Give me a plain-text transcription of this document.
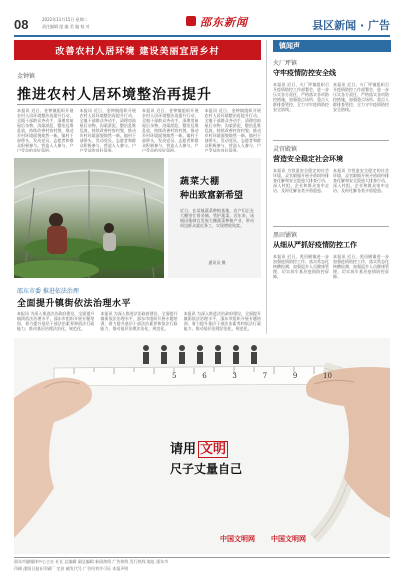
08	2022年11月15日 星期二
责任编辑 组 编 美 编 校 对	邵东新闻	县区新闻 · 广告
改善农村人居环境 建设美丽宜居乡村
金钟镇
推进农村人居环境整治再提升
本报讯 近日，金钟镇组织开展农村人居环境整治再提升行动，全镇干部群众齐动手，清理房前屋后杂物、沟渠淤泥，整治乱堆乱放，持续改善村容村貌，推动乡村环境面貌焕然一新。镇村干部带头，发动党员、志愿者和群众积极参与，营造人人参与、户户受益的良好氛围。
本报讯 近日，金钟镇组织开展农村人居环境整治再提升行动，全镇干部群众齐动手，清理房前屋后杂物、沟渠淤泥，整治乱堆乱放，持续改善村容村貌，推动乡村环境面貌焕然一新。镇村干部带头，发动党员、志愿者和群众积极参与，营造人人参与、户户受益的良好氛围。
本报讯 近日，金钟镇组织开展农村人居环境整治再提升行动，全镇干部群众齐动手，清理房前屋后杂物、沟渠淤泥，整治乱堆乱放，持续改善村容村貌，推动乡村环境面貌焕然一新。镇村干部带头，发动党员、志愿者和群众积极参与，营造人人参与、户户受益的良好氛围。
本报讯 近日，金钟镇组织开展农村人居环境整治再提升行动，全镇干部群众齐动手，清理房前屋后杂物、沟渠淤泥，整治乱堆乱放，持续改善村容村貌，推动乡村环境面貌焕然一新。镇村干部带头，发动党员、志愿者和群众积极参与，营造人人参与、户户受益的良好氛围。
蔬菜大棚
种出致富新希望
近日，在某镇蔬菜种植基地，农户们正在大棚里忙着采摘、管护蔬菜。近年来，该镇因地制宜发展大棚蔬菜种植产业，带动周边群众就近务工，实现增收致富。
通讯员 摄
邵东市委 推进依法治理
全面提升镇街依法治理水平
本报讯 为深入推进法治政府建设，全面提升镇街依法治理水平，邵东市组织开展专题培训，着力提升基层干部法治素养和依法行政能力，推动基层治理法治化、规范化。
本报讯 为深入推进法治政府建设，全面提升镇街依法治理水平，邵东市组织开展专题培训，着力提升基层干部法治素养和依法行政能力，推动基层治理法治化、规范化。
本报讯 为深入推进法治政府建设，全面提升镇街依法治理水平，邵东市组织开展专题培训，着力提升基层干部法治素养和依法行政能力，推动基层治理法治化、规范化。
镇闻声
火厂坪镇
守牢疫情防控安全线
本报讯 近日，火厂坪镇组织召开疫情防控工作部署会，进一步压实各方责任，严格落实各项防控措施，加强重点场所、重点人群排查管控，全力守牢疫情防控安全防线。
本报讯 近日，火厂坪镇组织召开疫情防控工作部署会，进一步压实各方责任，严格落实各项防控措施，加强重点场所、重点人群排查管控，全力守牢疫情防控安全防线。
灵官殿镇
营造安全稳定社会环境
本报讯 为营造安全稳定的社会环境，灵官殿镇开展矛盾纠纷排查化解和安全隐患大排查行动，深入村组、企业和群众家中走访，及时化解各类矛盾隐患。
本报讯 为营造安全稳定的社会环境，灵官殿镇开展矛盾纠纷排查化解和安全隐患大排查行动，深入村组、企业和群众家中走访，及时化解各类矛盾隐患。
黑田铺镇
从细从严抓好疫情防控工作
本报讯 近日，黑田铺镇进一步加强疫情防控工作，落实常态化核酸检测，加强返乡人员健康管理，切实筑牢基层疫情防控屏障。
本报讯 近日，黑田铺镇进一步加强疫情防控工作，落实常态化核酸检测，加强返乡人员健康管理，切实筑牢基层疫情防控屏障。
5	6	3	7	9	10
请用 文明
尺子丈量自己
中国文明网 中国文明网
邵东市融媒体中心主办 社长 总编辑 副总编辑 新闻热线 广告热线 发行热线 地址 邵东市
印刷 邵阳日报社印刷厂 定价 邮发代号 广告经营许可证 本报声明
